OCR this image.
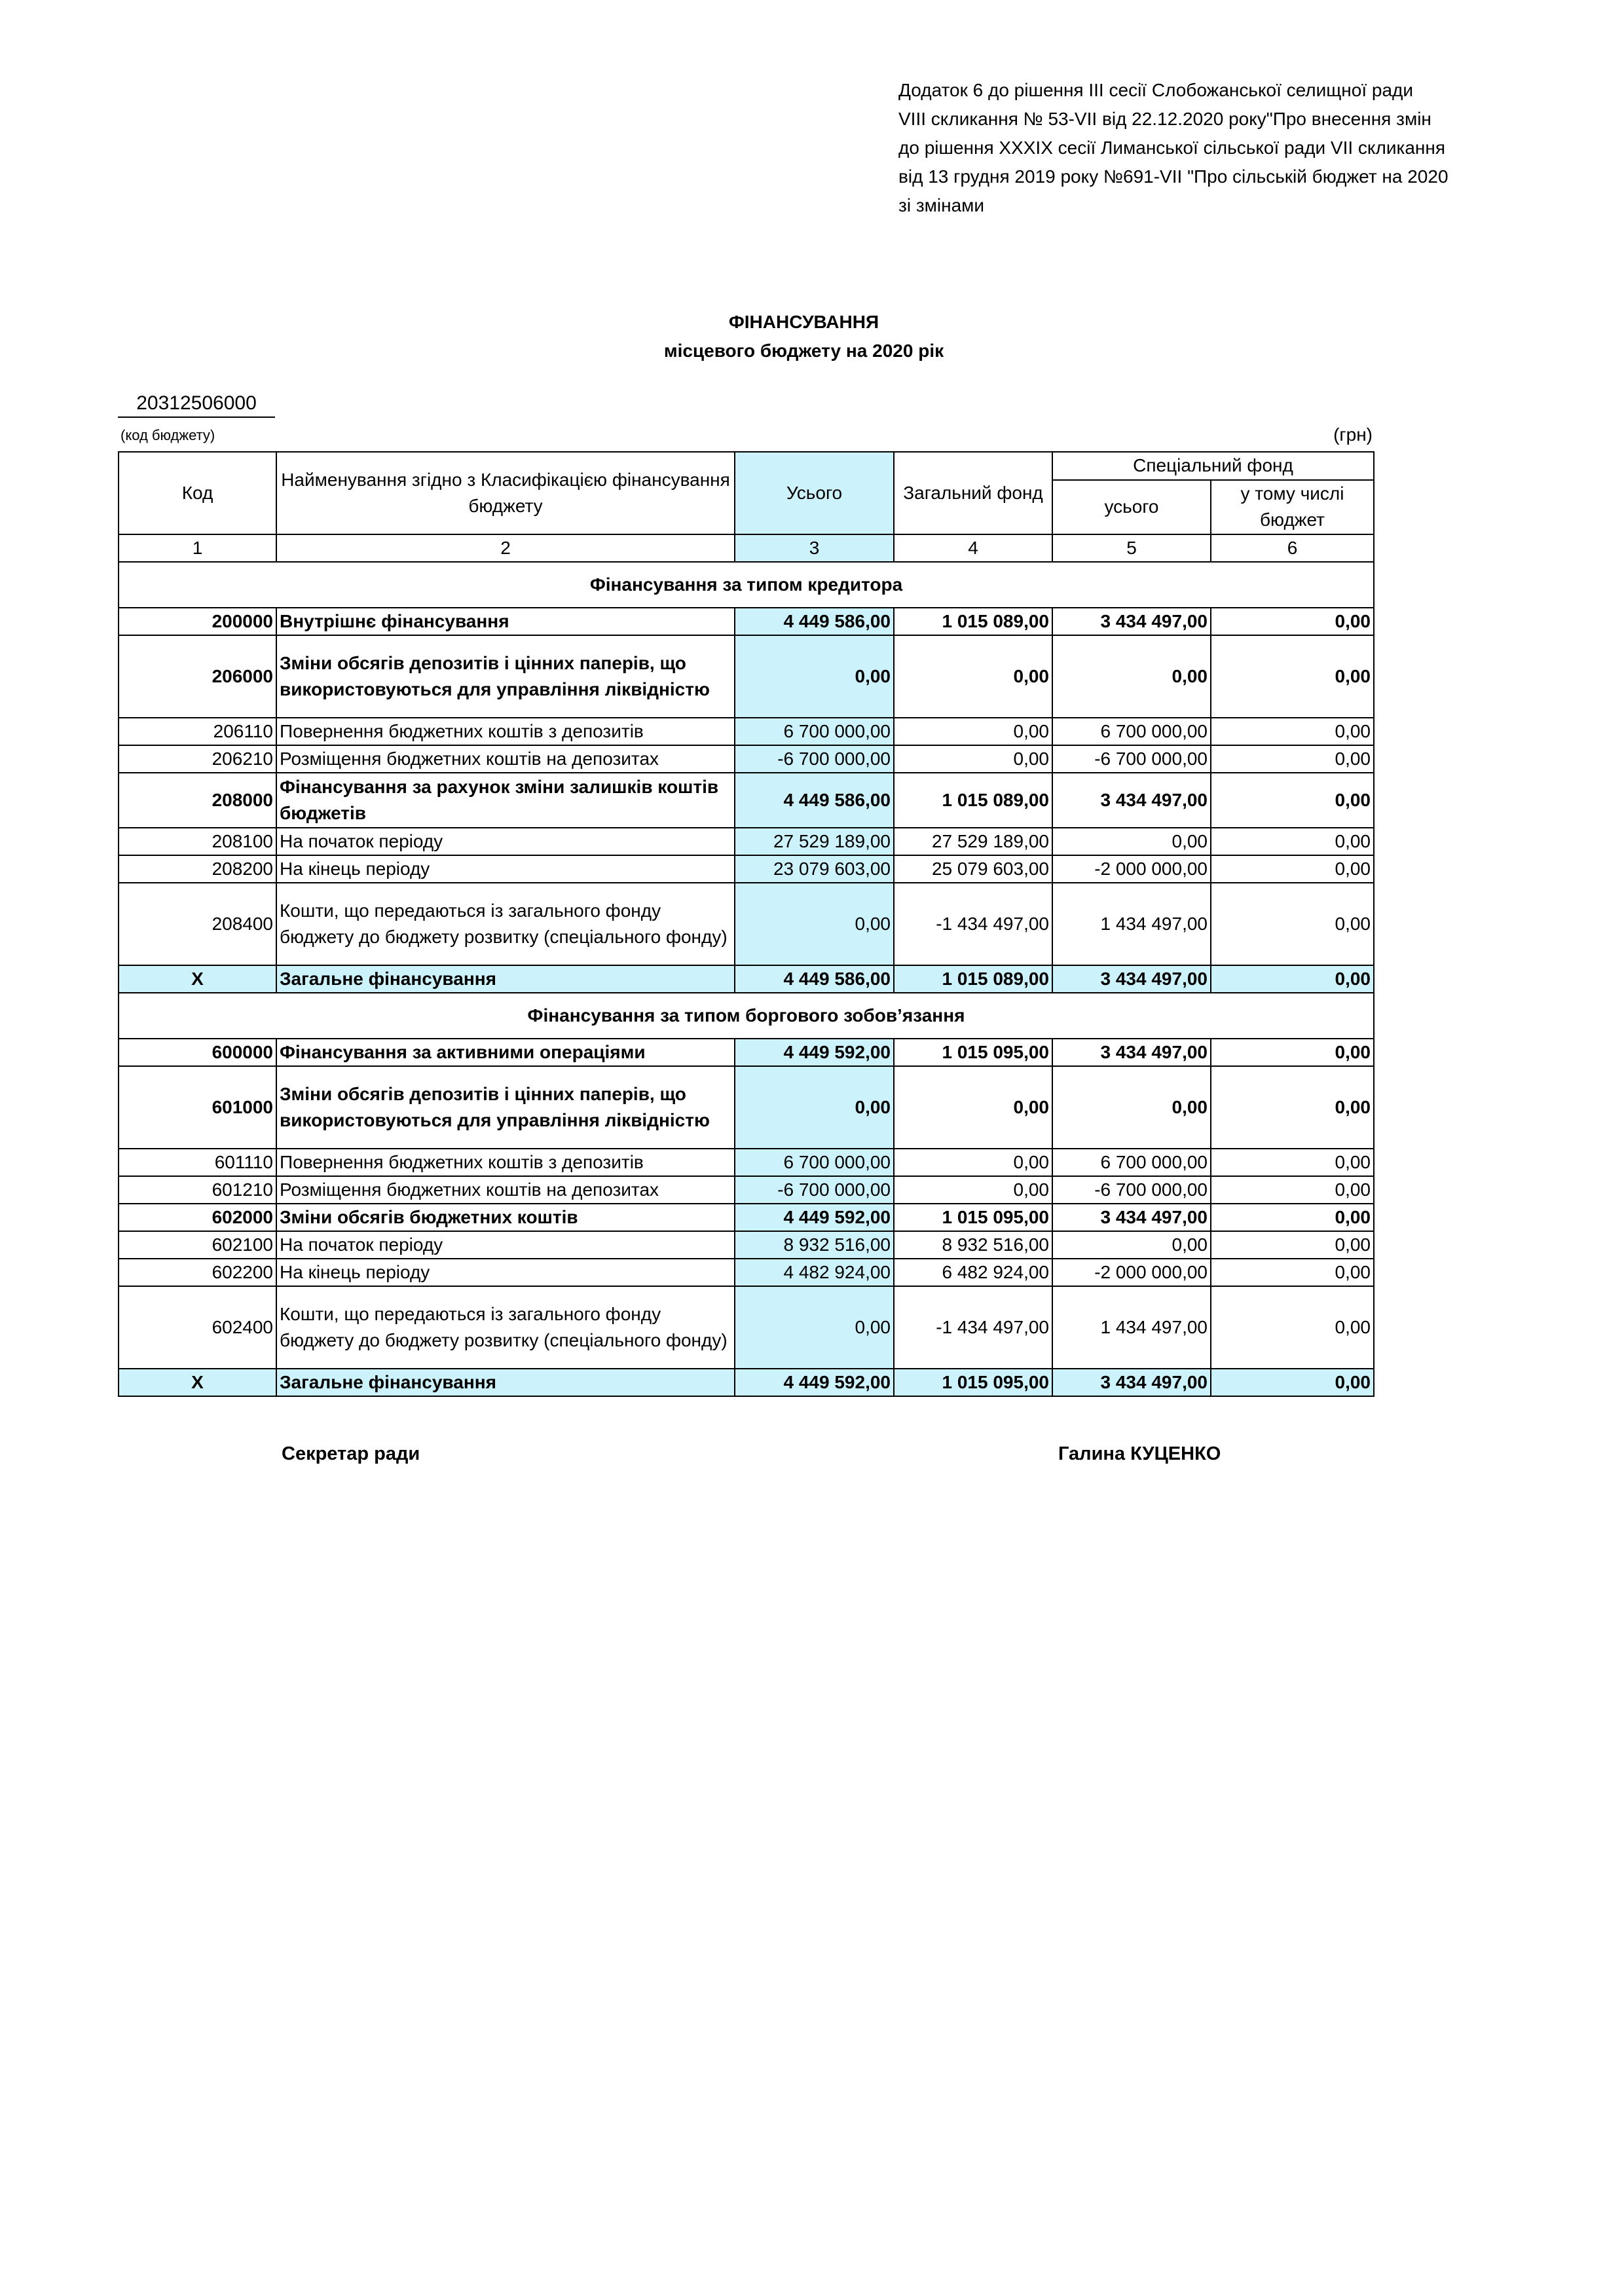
Додаток 6 до рішення ІІІ сесії Слобожанської селищної ради
VIII скликання № 53-VII від 22.12.2020 року"Про внесення змін
до рішення ХХХІХ сесії Лиманської сільської ради VІІ скликання
від 13 грудня 2019 року №691-VII "Про сільській бюджет на 2020
зі змінами
ФІНАНСУВАННЯ
місцевого бюджету на 2020 рік
20312506000
(код бюджету)	(грн)
Код	Найменування згідно з Класифікацією фінансування бюджету	Усього	Загальний фонд	Спеціальний фонд	
				усього	у тому числі бюджет
1	2	3	4	5	6
Фінансування за типом кредитора					
200000	Внутрішнє фінансування	4 449 586,00	1 015 089,00	3 434 497,00	0,00
206000	Зміни обсягів депозитів і цінних паперів, що використовуються для управління ліквідністю	0,00	0,00	0,00	0,00
206110	Повернення бюджетних коштів з депозитів	6 700 000,00	0,00	6 700 000,00	0,00
206210	Розміщення бюджетних коштів на депозитах	-6 700 000,00	0,00	-6 700 000,00	0,00
208000	Фінансування за рахунок зміни залишків коштів бюджетів	4 449 586,00	1 015 089,00	3 434 497,00	0,00
208100	На початок періоду	27 529 189,00	27 529 189,00	0,00	0,00
208200	На кінець періоду	23 079 603,00	25 079 603,00	-2 000 000,00	0,00
208400	Кошти, що передаються із загального фонду бюджету до бюджету розвитку (спеціального фонду)	0,00	-1 434 497,00	1 434 497,00	0,00
X	Загальне фінансування	4 449 586,00	1 015 089,00	3 434 497,00	0,00
Фінансування за типом боргового зобов’язання					
600000	Фінансування за активними операціями	4 449 592,00	1 015 095,00	3 434 497,00	0,00
601000	Зміни обсягів депозитів і цінних паперів, що використовуються для управління ліквідністю	0,00	0,00	0,00	0,00
601110	Повернення бюджетних коштів з депозитів	6 700 000,00	0,00	6 700 000,00	0,00
601210	Розміщення бюджетних коштів на депозитах	-6 700 000,00	0,00	-6 700 000,00	0,00
602000	Зміни обсягів бюджетних коштів	4 449 592,00	1 015 095,00	3 434 497,00	0,00
602100	На початок періоду	8 932 516,00	8 932 516,00	0,00	0,00
602200	На кінець періоду	4 482 924,00	6 482 924,00	-2 000 000,00	0,00
602400	Кошти, що передаються із загального фонду бюджету до бюджету розвитку (спеціального фонду)	0,00	-1 434 497,00	1 434 497,00	0,00
X	Загальне фінансування	4 449 592,00	1 015 095,00	3 434 497,00	0,00
Секретар ради	Галина КУЦЕНКО
